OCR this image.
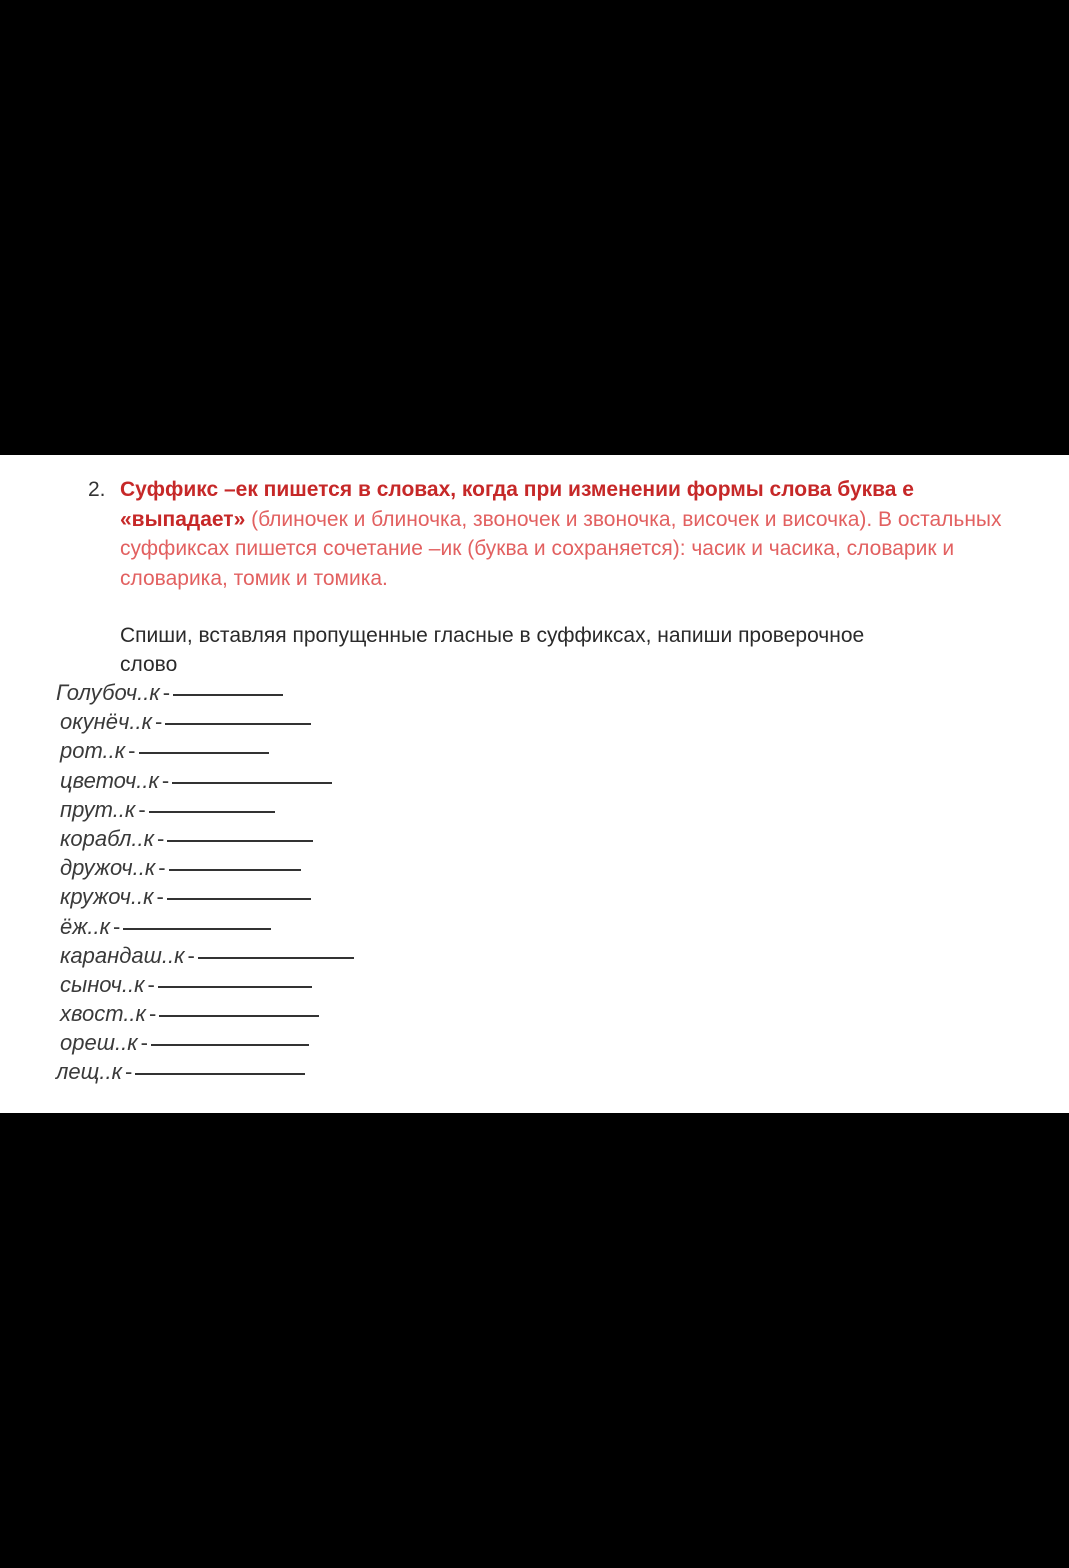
2. Суффикс –ек пишется в словах, когда при изменении формы слова буква е «выпадает» (блиночек и блиночка, звоночек и звоночка, височек и височка). В остальных суффиксах пишется сочетание –ик (буква и сохраняется): часик и часика, словарик и словарика, томик и томика.
Спиши, вставляя пропущенные гласные в суффиксах, напиши проверочное слово
Голубоч..к -
окунёч..к -
рот..к -
цветоч..к -
прут..к -
корабл..к -
дружоч..к -
кружоч..к -
ёж..к -
карандаш..к -
сыноч..к -
хвост..к -
ореш..к -
лещ..к -
